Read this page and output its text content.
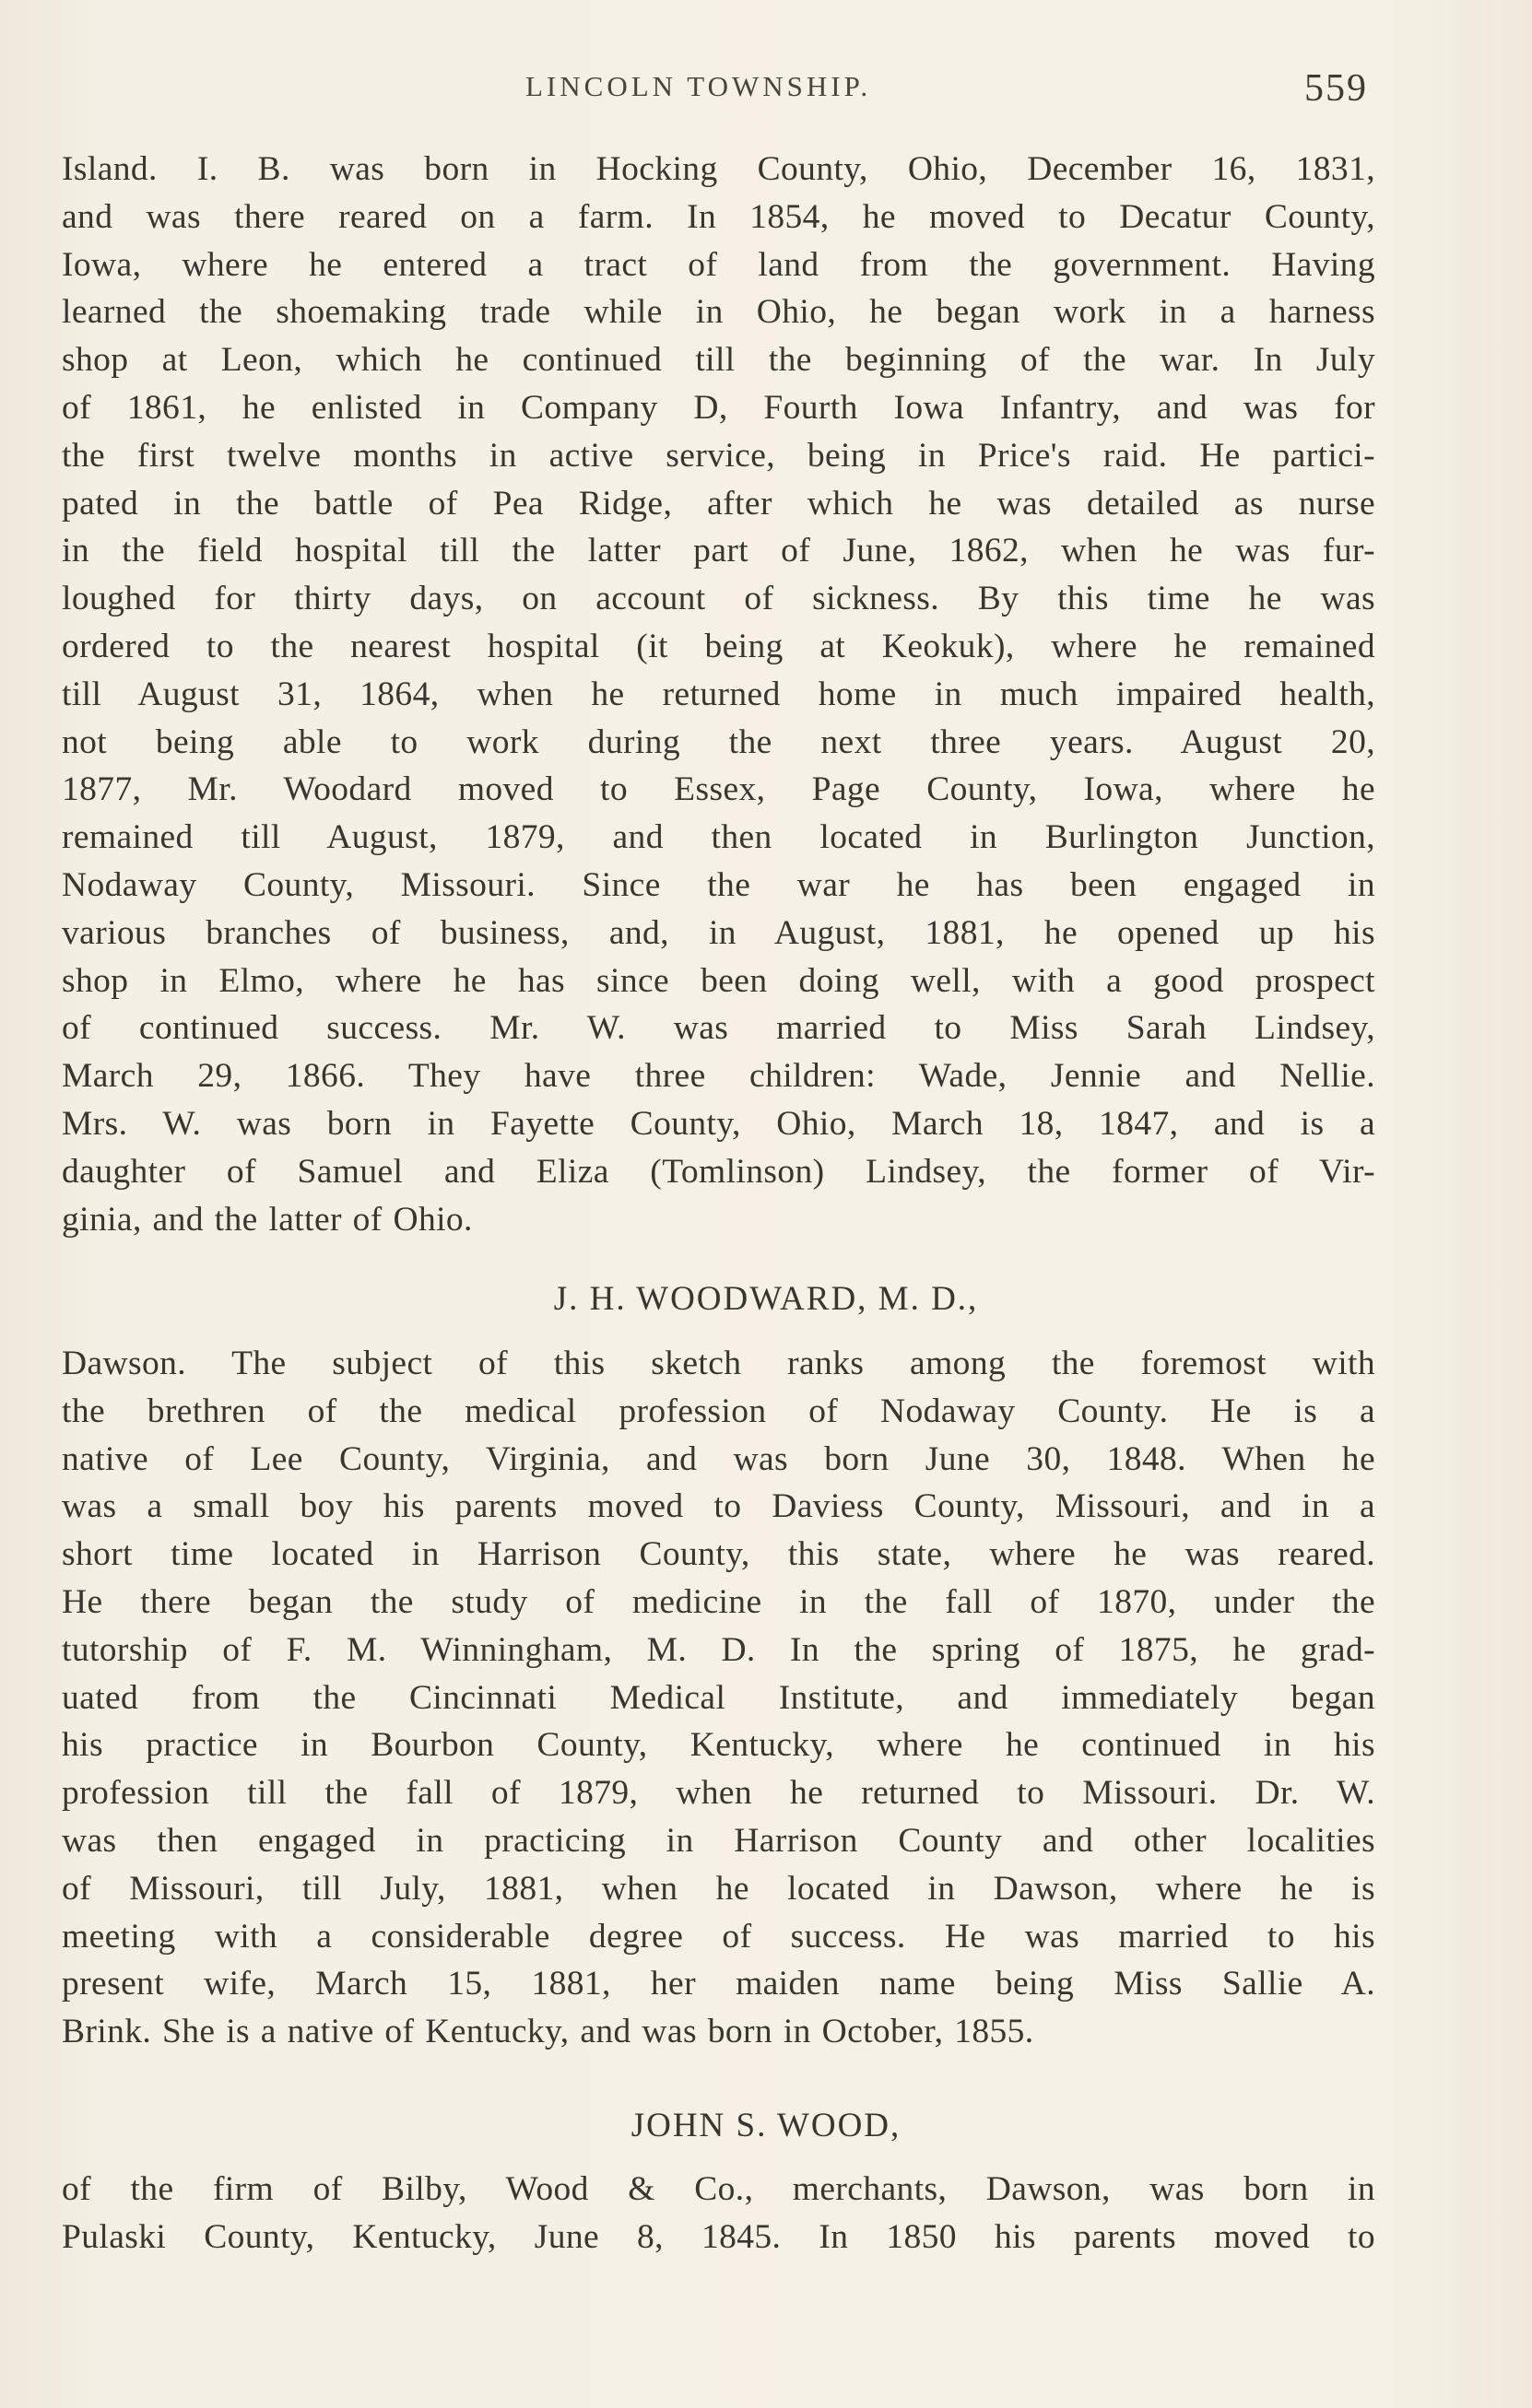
LINCOLN TOWNSHIP.	559
Island. I. B. was born in Hocking County, Ohio, December 16, 1831,
and was there reared on a farm. In 1854, he moved to Decatur County,
Iowa, where he entered a tract of land from the government. Having
learned the shoemaking trade while in Ohio, he began work in a harness
shop at Leon, which he continued till the beginning of the war. In July
of 1861, he enlisted in Company D, Fourth Iowa Infantry, and was for
the first twelve months in active service, being in Price's raid. He partici-
pated in the battle of Pea Ridge, after which he was detailed as nurse
in the field hospital till the latter part of June, 1862, when he was fur-
loughed for thirty days, on account of sickness. By this time he was
ordered to the nearest hospital (it being at Keokuk), where he remained
till August 31, 1864, when he returned home in much impaired health,
not being able to work during the next three years. August 20,
1877, Mr. Woodard moved to Essex, Page County, Iowa, where he
remained till August, 1879, and then located in Burlington Junction,
Nodaway County, Missouri. Since the war he has been engaged in
various branches of business, and, in August, 1881, he opened up his
shop in Elmo, where he has since been doing well, with a good prospect
of continued success. Mr. W. was married to Miss Sarah Lindsey,
March 29, 1866. They have three children: Wade, Jennie and Nellie.
Mrs. W. was born in Fayette County, Ohio, March 18, 1847, and is a
daughter of Samuel and Eliza (Tomlinson) Lindsey, the former of Vir-
ginia, and the latter of Ohio.
J. H. WOODWARD, M. D.,
Dawson. The subject of this sketch ranks among the foremost with
the brethren of the medical profession of Nodaway County. He is a
native of Lee County, Virginia, and was born June 30, 1848. When he
was a small boy his parents moved to Daviess County, Missouri, and in a
short time located in Harrison County, this state, where he was reared.
He there began the study of medicine in the fall of 1870, under the
tutorship of F. M. Winningham, M. D. In the spring of 1875, he grad-
uated from the Cincinnati Medical Institute, and immediately began
his practice in Bourbon County, Kentucky, where he continued in his
profession till the fall of 1879, when he returned to Missouri. Dr. W.
was then engaged in practicing in Harrison County and other localities
of Missouri, till July, 1881, when he located in Dawson, where he is
meeting with a considerable degree of success. He was married to his
present wife, March 15, 1881, her maiden name being Miss Sallie A.
Brink. She is a native of Kentucky, and was born in October, 1855.
JOHN S. WOOD,
of the firm of Bilby, Wood & Co., merchants, Dawson, was born in
Pulaski County, Kentucky, June 8, 1845. In 1850 his parents moved to
